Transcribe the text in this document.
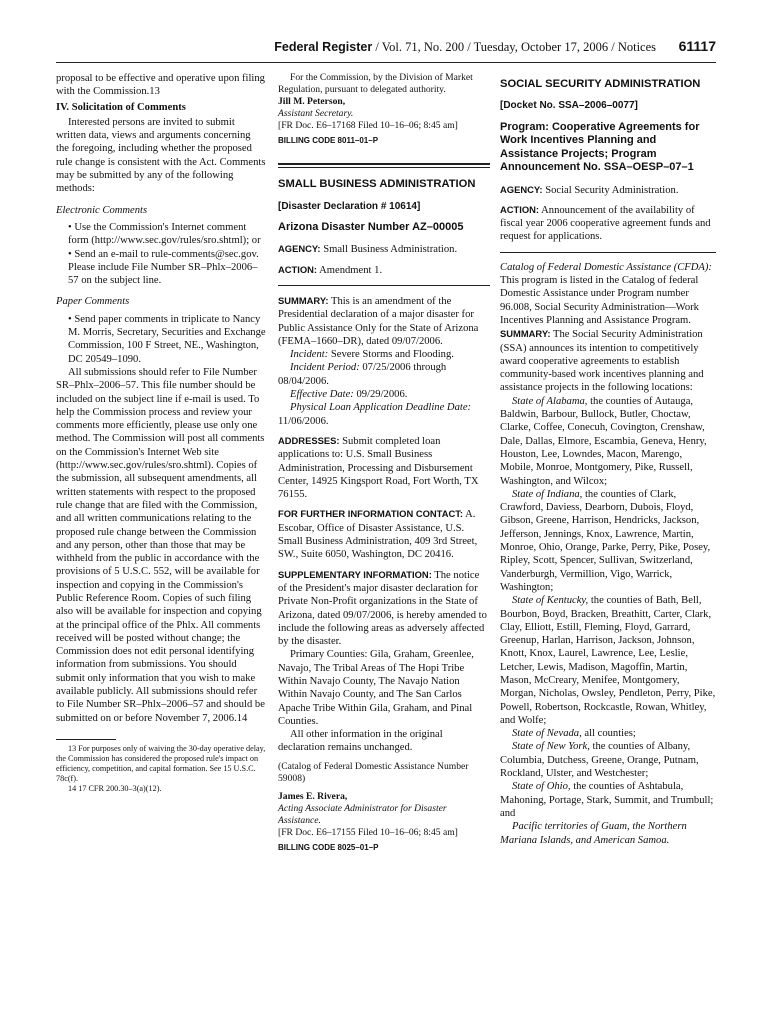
Federal Register / Vol. 71, No. 200 / Tuesday, October 17, 2006 / Notices 61117

proposal to be effective and operative upon filing with the Commission.13

IV. Solicitation of Comments

Interested persons are invited to submit written data, views and arguments concerning the foregoing, including whether the proposed rule change is consistent with the Act. Comments may be submitted by any of the following methods:

Electronic Comments

• Use the Commission's Internet comment form (http://www.sec.gov/rules/sro.shtml); or

• Send an e-mail to rule-comments@sec.gov. Please include File Number SR–Phlx–2006–57 on the subject line.

Paper Comments

• Send paper comments in triplicate to Nancy M. Morris, Secretary, Securities and Exchange Commission, 100 F Street, NE., Washington, DC 20549–1090.

All submissions should refer to File Number SR–Phlx–2006–57. This file number should be included on the subject line if e-mail is used. To help the Commission process and review your comments more efficiently, please use only one method. The Commission will post all comments on the Commission's Internet Web site (http://www.sec.gov/rules/sro.shtml). Copies of the submission, all subsequent amendments, all written statements with respect to the proposed rule change that are filed with the Commission, and all written communications relating to the proposed rule change between the Commission and any person, other than those that may be withheld from the public in accordance with the provisions of 5 U.S.C. 552, will be available for inspection and copying in the Commission's Public Reference Room. Copies of such filing also will be available for inspection and copying at the principal office of the Phlx. All comments received will be posted without change; the Commission does not edit personal identifying information from submissions. You should submit only information that you wish to make available publicly. All submissions should refer to File Number SR–Phlx–2006–57 and should be submitted on or before November 7, 2006.14

13 For purposes only of waiving the 30-day operative delay, the Commission has considered the proposed rule's impact on efficiency, competition, and capital formation. See 15 U.S.C. 78c(f).

14 17 CFR 200.30–3(a)(12).

For the Commission, by the Division of Market Regulation, pursuant to delegated authority.

Jill M. Peterson,

Assistant Secretary.

[FR Doc. E6–17168 Filed 10–16–06; 8:45 am]

BILLING CODE 8011–01–P

SMALL BUSINESS ADMINISTRATION

[Disaster Declaration # 10614]

Arizona Disaster Number AZ–00005

AGENCY: Small Business Administration.

ACTION: Amendment 1.

SUMMARY: This is an amendment of the Presidential declaration of a major disaster for Public Assistance Only for the State of Arizona (FEMA–1660–DR), dated 09/07/2006.

Incident: Severe Storms and Flooding.

Incident Period: 07/25/2006 through 08/04/2006.

Effective Date: 09/29/2006.

Physical Loan Application Deadline Date: 11/06/2006.

ADDRESSES: Submit completed loan applications to: U.S. Small Business Administration, Processing and Disbursement Center, 14925 Kingsport Road, Fort Worth, TX 76155.

FOR FURTHER INFORMATION CONTACT: A. Escobar, Office of Disaster Assistance, U.S. Small Business Administration, 409 3rd Street, SW., Suite 6050, Washington, DC 20416.

SUPPLEMENTARY INFORMATION: The notice of the President's major disaster declaration for Private Non-Profit organizations in the State of Arizona, dated 09/07/2006, is hereby amended to include the following areas as adversely affected by the disaster.

Primary Counties: Gila, Graham, Greenlee, Navajo, The Tribal Areas of The Hopi Tribe Within Navajo County, The Navajo Nation Within Navajo County, and The San Carlos Apache Tribe Within Gila, Graham, and Pinal Counties.

All other information in the original declaration remains unchanged.

(Catalog of Federal Domestic Assistance Number 59008)

James E. Rivera,

Acting Associate Administrator for Disaster Assistance.

[FR Doc. E6–17155 Filed 10–16–06; 8:45 am]

BILLING CODE 8025–01–P

SOCIAL SECURITY ADMINISTRATION

[Docket No. SSA–2006–0077]

Program: Cooperative Agreements for Work Incentives Planning and Assistance Projects; Program Announcement No. SSA–OESP–07–1

AGENCY: Social Security Administration.

ACTION: Announcement of the availability of fiscal year 2006 cooperative agreement funds and request for applications.

Catalog of Federal Domestic Assistance (CFDA): This program is listed in the Catalog of federal Domestic Assistance under Program number 96.008, Social Security Administration—Work Incentives Planning and Assistance Program.

SUMMARY: The Social Security Administration (SSA) announces its intention to competitively award cooperative agreements to establish community-based work incentives planning and assistance projects in the following locations:

State of Alabama, the counties of Autauga, Baldwin, Barbour, Bullock, Butler, Choctaw, Clarke, Coffee, Conecuh, Covington, Crenshaw, Dale, Dallas, Elmore, Escambia, Geneva, Henry, Houston, Lee, Lowndes, Macon, Marengo, Mobile, Monroe, Montgomery, Pike, Russell, Washington, and Wilcox;

State of Indiana, the counties of Clark, Crawford, Daviess, Dearborn, Dubois, Floyd, Gibson, Greene, Harrison, Hendricks, Jackson, Jefferson, Jennings, Knox, Lawrence, Martin, Monroe, Ohio, Orange, Parke, Perry, Pike, Posey, Ripley, Scott, Spencer, Sullivan, Switzerland, Vanderburgh, Vermillion, Vigo, Warrick, Washington;

State of Kentucky, the counties of Bath, Bell, Bourbon, Boyd, Bracken, Breathitt, Carter, Clark, Clay, Elliott, Estill, Fleming, Floyd, Garrard, Greenup, Harlan, Harrison, Jackson, Johnson, Knott, Knox, Laurel, Lawrence, Lee, Leslie, Letcher, Lewis, Madison, Magoffin, Martin, Mason, McCreary, Menifee, Montgomery, Morgan, Nicholas, Owsley, Pendleton, Perry, Pike, Powell, Robertson, Rockcastle, Rowan, Whitley, and Wolfe;

State of Nevada, all counties;

State of New York, the counties of Albany, Columbia, Dutchess, Greene, Orange, Putnam, Rockland, Ulster, and Westchester;

State of Ohio, the counties of Ashtabula, Mahoning, Portage, Stark, Summit, and Trumbull; and

Pacific territories of Guam, the Northern Mariana Islands, and American Samoa.
